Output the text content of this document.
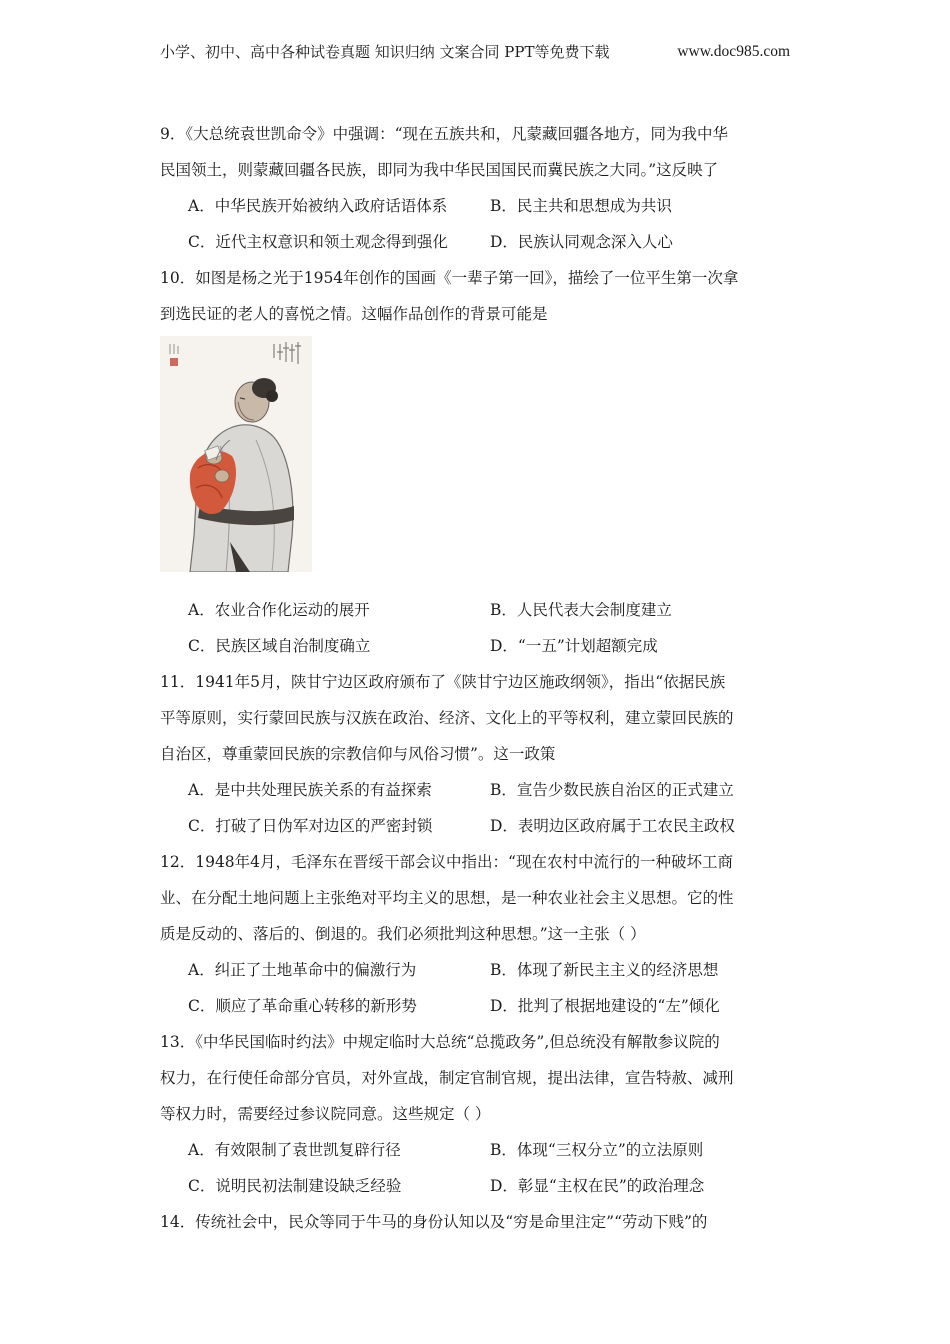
小学、初中、高中各种试卷真题 知识归纳 文案合同 PPT等免费下载	www.doc985.com
9．《大总统袁世凯命令》中强调：“现在五族共和，凡蒙藏回疆各地方，同为我中华
民国领土，则蒙藏回疆各民族，即同为我中华民国国民而冀民族之大同。”这反映了
A．中华民族开始被纳入政府话语体系	B．民主共和思想成为共识
C．近代主权意识和领土观念得到强化	D．民族认同观念深入人心
10．如图是杨之光于1954年创作的国画《一辈子第一回》，描绘了一位平生第一次拿
到选民证的老人的喜悦之情。这幅作品创作的背景可能是
A．农业合作化运动的展开	B．人民代表大会制度建立
C．民族区域自治制度确立	D．“一五”计划超额完成
11．1941年5月，陕甘宁边区政府颁布了《陕甘宁边区施政纲领》，指出“依据民族
平等原则，实行蒙回民族与汉族在政治、经济、文化上的平等权利，建立蒙回民族的
自治区，尊重蒙回民族的宗教信仰与风俗习惯”。这一政策
A．是中共处理民族关系的有益探索	B．宣告少数民族自治区的正式建立
C．打破了日伪军对边区的严密封锁	D．表明边区政府属于工农民主政权
12．1948年4月，毛泽东在晋绥干部会议中指出：“现在农村中流行的一种破坏工商
业、在分配土地问题上主张绝对平均主义的思想，是一种农业社会主义思想。它的性
质是反动的、落后的、倒退的。我们必须批判这种思想。”这一主张（ ）
A．纠正了土地革命中的偏激行为	B．体现了新民主主义的经济思想
C．顺应了革命重心转移的新形势	D．批判了根据地建设的“左”倾化
13．《中华民国临时约法》中规定临时大总统“总揽政务”,但总统没有解散参议院的
权力，在行使任命部分官员，对外宣战，制定官制官规，提出法律，宣告特赦、减刑
等权力时，需要经过参议院同意。这些规定（ ）
A．有效限制了袁世凯复辟行径	B．体现“三权分立”的立法原则
C．说明民初法制建设缺乏经验	D．彰显“主权在民”的政治理念
14．传统社会中，民众等同于牛马的身份认知以及“穷是命里注定”“劳动下贱”的
